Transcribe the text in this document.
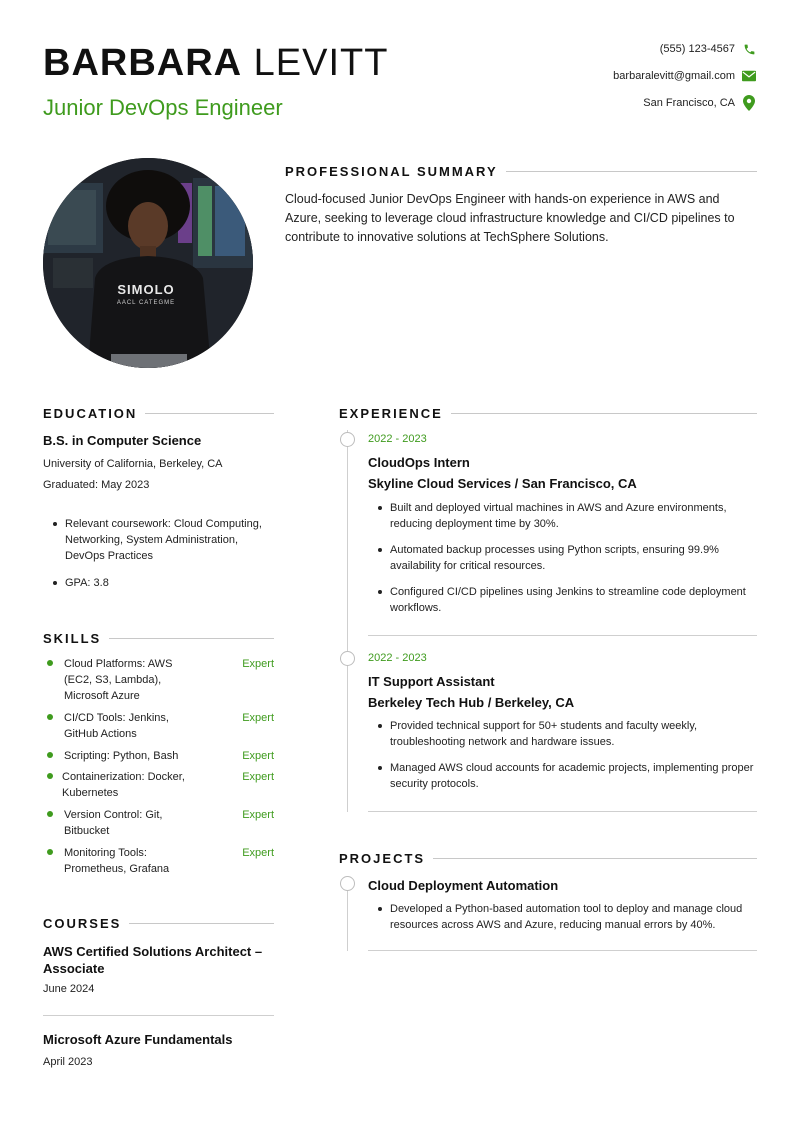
BARBARA LEVITT
Junior DevOps Engineer
(555) 123-4567
barbaralevitt@gmail.com
San Francisco, CA
SIMOLO
AACL CATEGME
PROFESSIONAL SUMMARY
Cloud-focused Junior DevOps Engineer with hands-on experience in AWS and Azure, seeking to leverage cloud infrastructure knowledge and CI/CD pipelines to contribute to innovative solutions at TechSphere Solutions.
EDUCATION
B.S. in Computer Science
University of California, Berkeley, CA
Graduated: May 2023
Relevant coursework: Cloud Computing, Networking, System Administration, DevOps Practices
GPA: 3.8
SKILLS
Cloud Platforms: AWS (EC2, S3, Lambda), Microsoft Azure
Expert
CI/CD Tools: Jenkins, GitHub Actions
Expert
Scripting: Python, Bash	Expert
Containerization: Docker, Kubernetes
Expert
Version Control: Git, Bitbucket
Expert
Monitoring Tools: Prometheus, Grafana
Expert
COURSES
AWS Certified Solutions Architect – Associate
June 2024
Microsoft Azure Fundamentals
April 2023
EXPERIENCE
2022 - 2023
CloudOps Intern
Skyline Cloud Services / San Francisco, CA
Built and deployed virtual machines in AWS and Azure environments, reducing deployment time by 30%.
Automated backup processes using Python scripts, ensuring 99.9% availability for critical resources.
Configured CI/CD pipelines using Jenkins to streamline code deployment workflows.
2022 - 2023
IT Support Assistant
Berkeley Tech Hub / Berkeley, CA
Provided technical support for 50+ students and faculty weekly, troubleshooting network and hardware issues.
Managed AWS cloud accounts for academic projects, implementing proper security protocols.
PROJECTS
Cloud Deployment Automation
Developed a Python-based automation tool to deploy and manage cloud resources across AWS and Azure, reducing manual errors by 40%.
